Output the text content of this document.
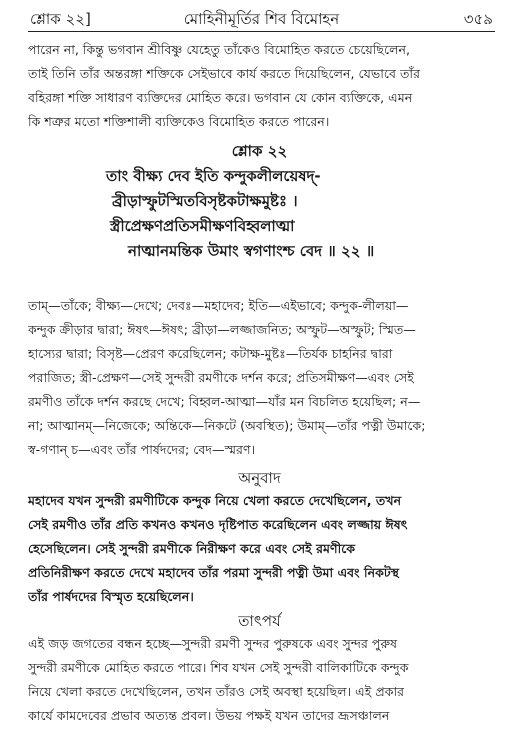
শ্লোক ২২]	মোহিনীমূর্তির শিব বিমোহন	৩৫৯
পারেন না, কিন্তু ভগবান শ্রীবিষ্ণু যেহেতু তাঁকেও বিমোহিত করতে চেয়েছিলেন,
তাই তিনি তাঁর অন্তরঙ্গা শক্তিকে সেইভাবে কার্য করতে দিয়েছিলেন, যেভাবে তাঁর
বহিরঙ্গা শক্তি সাধারণ ব্যক্তিদের মোহিত করে। ভগবান যে কোন ব্যক্তিকে, এমন
কি শত্রুর মতো শক্তিশালী ব্যক্তিকেও বিমোহিত করতে পারেন।
শ্লোক ২২
তাং বীক্ষ্য দেব ইতি কন্দুকলীলয়েষদ্-
ব্রীড়াস্ফুটস্মিতবিসৃষ্টকটাক্ষমুষ্টঃ ।
স্ত্রীপ্রেক্ষণপ্রতিসমীক্ষণবিহ্বলাত্মা
নাত্মানমন্তিক উমাং স্বগণাংশ্চ বেদ ॥ ২২ ॥
তাম্—তাঁকে; বীক্ষ্য—দেখে; দেবঃ—মহাদেব; ইতি—এইভাবে; কন্দুক-লীলয়া—
কন্দুক ক্রীড়ার দ্বারা; ঈষৎ—ঈষৎ; ব্রীড়া—লজ্জাজনিত; অস্ফুট—অস্ফুট; স্মিত—
হাস্যের দ্বারা; বিসৃষ্ট—প্রেরণ করেছিলেন; কটাক্ষ-মুষ্টঃ—তির্যক চাহনির দ্বারা
পরাজিত; স্ত্রী-প্রেক্ষণ—সেই সুন্দরী রমণীকে দর্শন করে; প্রতিসমীক্ষণ—এবং সেই
রমণীও তাঁকে দর্শন করছে দেখে; বিহ্বল-আত্মা—যাঁর মন বিচলিত হয়েছিল; ন—
না; আত্মানম্—নিজেকে; অন্তিকে—নিকটে (অবস্থিত); উমাম্—তাঁর পত্নী উমাকে;
স্ব-গণান্ চ—এবং তাঁর পার্ষদদের; বেদ—স্মরণ।
অনুবাদ
মহাদেব যখন সুন্দরী রমণীটিকে কন্দুক নিয়ে খেলা করতে দেখেছিলেন, তখন
সেই রমণীও তাঁর প্রতি কখনও কখনও দৃষ্টিপাত করেছিলেন এবং লজ্জায় ঈষৎ
হেসেছিলেন। সেই সুন্দরী রমণীকে নিরীক্ষণ করে এবং সেই রমণীকে
প্রতিনিরীক্ষণ করতে দেখে মহাদেব তাঁর পরমা সুন্দরী পত্নী উমা এবং নিকটস্থ
তাঁর পার্ষদদের বিস্মৃত হয়েছিলেন।
তাৎপর্য
এই জড় জগতের বন্ধন হচ্ছে—সুন্দরী রমণী সুন্দর পুরুষকে এবং সুন্দর পুরুষ
সুন্দরী রমণীকে মোহিত করতে পারে। শিব যখন সেই সুন্দরী বালিকাটিকে কন্দুক
নিয়ে খেলা করতে দেখেছিলেন, তখন তাঁরও সেই অবস্থা হয়েছিল। এই প্রকার
কার্যে কামদেবের প্রভাব অত্যন্ত প্রবল। উভয় পক্ষই যখন তাদের ভ্রূসঞ্চালন
